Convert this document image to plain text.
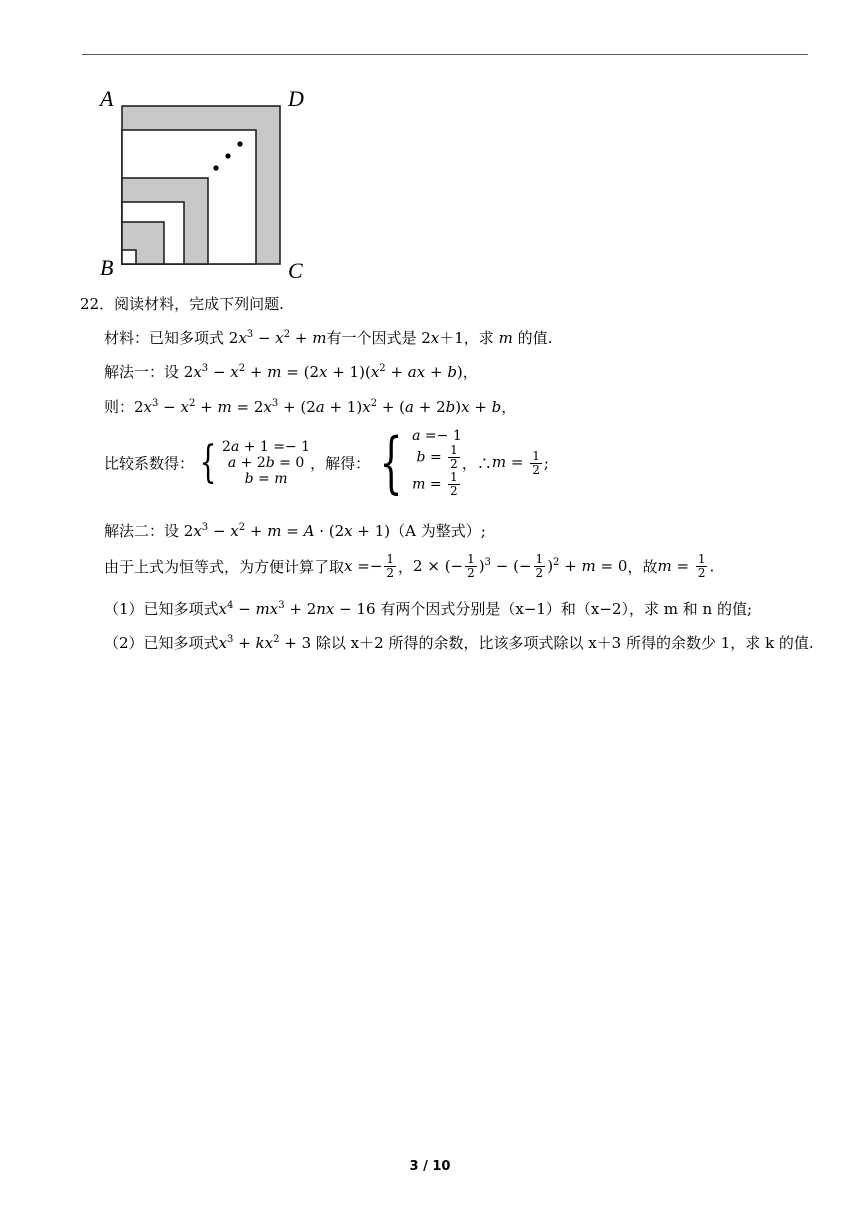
A	D
B	C
22．阅读材料，完成下列问题.
材料：已知多项式 $2x^3 - x^2 + m$有一个因式是 2x＋1，求 m 的值.
解法一：设 $2x^3 - x^2 + m = (2x + 1)(x^2$ + ax + b)，
则：$2x^3 - x^2 + m = 2x^3 + (2a + 1)x^2 + (a + 2b)x + b$，
比较系数得： { 2a + 1 =− 1
a + 2b = 0
b = m
，解得： { a =− 1
$b = \frac{1}{2}$
$m = \frac{1}{2}$
，∴m = $\frac{1}{2}$ ;
解法二：设 $2x^3 - x^2 + m = A \cdot (2x + 1)(A$ 为整式）;
由于上式为恒等式，为方便计算了取$x =- \frac{1}{2}$ ，2 × (− $\frac{1}{2} )^3$ − (− $\frac{1}{2} )^2 + m = 0$，故$m = \frac{1}{2}$ .
（1）已知多项式$x^4 - mx^3 + 2nx - 16$ 有两个因式分别是（x−1）和（x−2），求 m 和 n 的值;
（2）已知多项式$x^3 + kx^2 + 3$ 除以 x＋2 所得的余数，比该多项式除以 x＋3 所得的余数少 1，求 k 的值.
3 / 10
